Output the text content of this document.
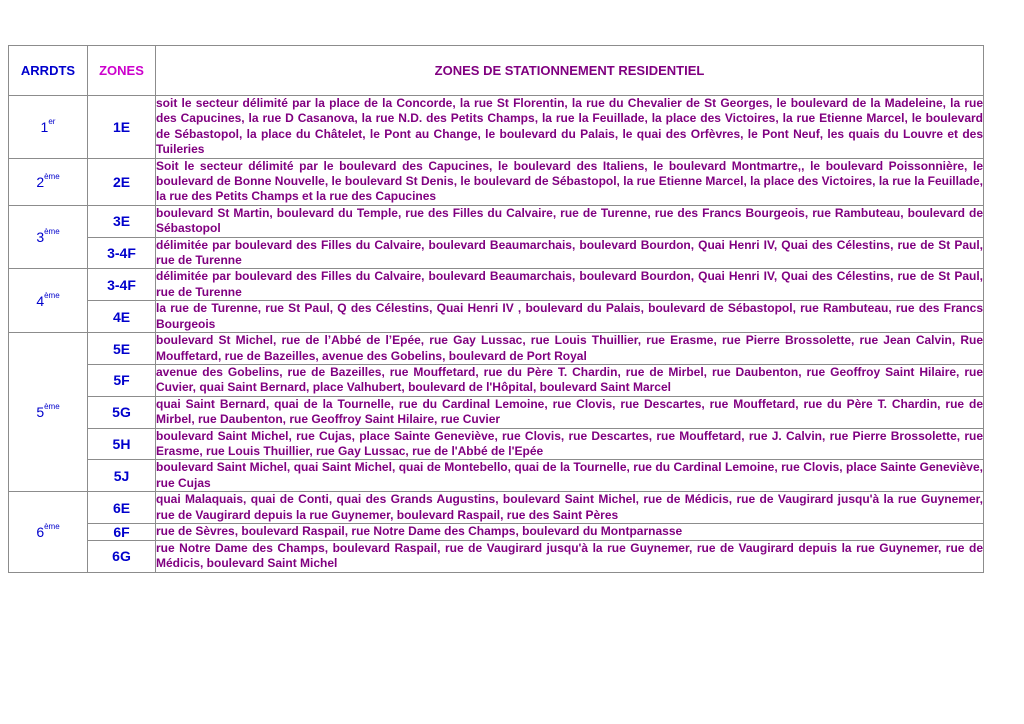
ARRDTS	ZONES	ZONES DE STATIONNEMENT RESIDENTIEL
1er	1E	soit le secteur délimité par la place de la Concorde, la rue St Florentin, la rue du Chevalier de St Georges, le boulevard de la Madeleine, la rue des Capucines, la rue D Casanova, la rue N.D. des Petits Champs, la rue la Feuillade, la place des Victoires, la rue Etienne Marcel, le boulevard de Sébastopol, la place du Châtelet, le Pont au Change, le boulevard du Palais, le quai des Orfèvres, le Pont Neuf, les quais du Louvre et des Tuileries
2ème	2E	Soit le secteur délimité par le boulevard des Capucines, le boulevard des Italiens, le boulevard Montmartre,, le boulevard Poissonnière, le boulevard de Bonne Nouvelle, le boulevard St Denis, le boulevard de Sébastopol, la rue Etienne Marcel, la place des Victoires, la rue la Feuillade, la rue des Petits Champs et la rue des Capucines
3ème	3E	boulevard St Martin, boulevard du Temple, rue des Filles du Calvaire, rue de Turenne, rue des Francs Bourgeois, rue Rambuteau, boulevard de Sébastopol
	3-4F	délimitée par boulevard des Filles du Calvaire, boulevard Beaumarchais, boulevard Bourdon, Quai Henri IV, Quai des Célestins, rue de St Paul, rue de Turenne
4ème	3-4F	délimitée par boulevard des Filles du Calvaire, boulevard Beaumarchais, boulevard Bourdon, Quai Henri IV, Quai des Célestins, rue de St Paul, rue de Turenne
	4E	la rue de Turenne, rue St Paul, Q des Célestins, Quai Henri IV , boulevard du Palais, boulevard de Sébastopol, rue Rambuteau, rue des Francs Bourgeois
5ème	5E	boulevard St Michel, rue de l’Abbé de l’Epée, rue Gay Lussac, rue Louis Thuillier, rue Erasme, rue Pierre Brossolette, rue Jean Calvin, Rue Mouffetard, rue de Bazeilles, avenue des Gobelins, boulevard de Port Royal
	5F	avenue des Gobelins, rue de Bazeilles, rue Mouffetard, rue du Père T. Chardin, rue de Mirbel, rue Daubenton, rue Geoffroy Saint Hilaire, rue Cuvier, quai Saint Bernard, place Valhubert, boulevard de l'Hôpital, boulevard Saint Marcel
	5G	quai Saint Bernard, quai de la Tournelle, rue du Cardinal Lemoine, rue Clovis, rue Descartes, rue Mouffetard, rue du Père T. Chardin, rue de Mirbel, rue Daubenton, rue Geoffroy Saint Hilaire, rue Cuvier
	5H	boulevard Saint Michel, rue Cujas, place Sainte Geneviève, rue Clovis, rue Descartes, rue Mouffetard, rue J. Calvin, rue Pierre Brossolette, rue Erasme, rue Louis Thuillier, rue Gay Lussac, rue de l'Abbé de l'Epée
	5J	boulevard Saint Michel, quai Saint Michel, quai de Montebello, quai de la Tournelle, rue du Cardinal Lemoine, rue Clovis, place Sainte Geneviève, rue Cujas
6ème	6E	quai Malaquais, quai de Conti, quai des Grands Augustins, boulevard Saint Michel, rue de Médicis, rue de Vaugirard jusqu'à la rue Guynemer, rue de Vaugirard depuis la rue Guynemer, boulevard Raspail, rue des Saint Pères
	6F	rue de Sèvres, boulevard Raspail, rue Notre Dame des Champs, boulevard du Montparnasse
	6G	rue Notre Dame des Champs, boulevard Raspail, rue de Vaugirard jusqu'à la rue Guynemer, rue de Vaugirard depuis la rue Guynemer, rue de Médicis, boulevard Saint Michel
